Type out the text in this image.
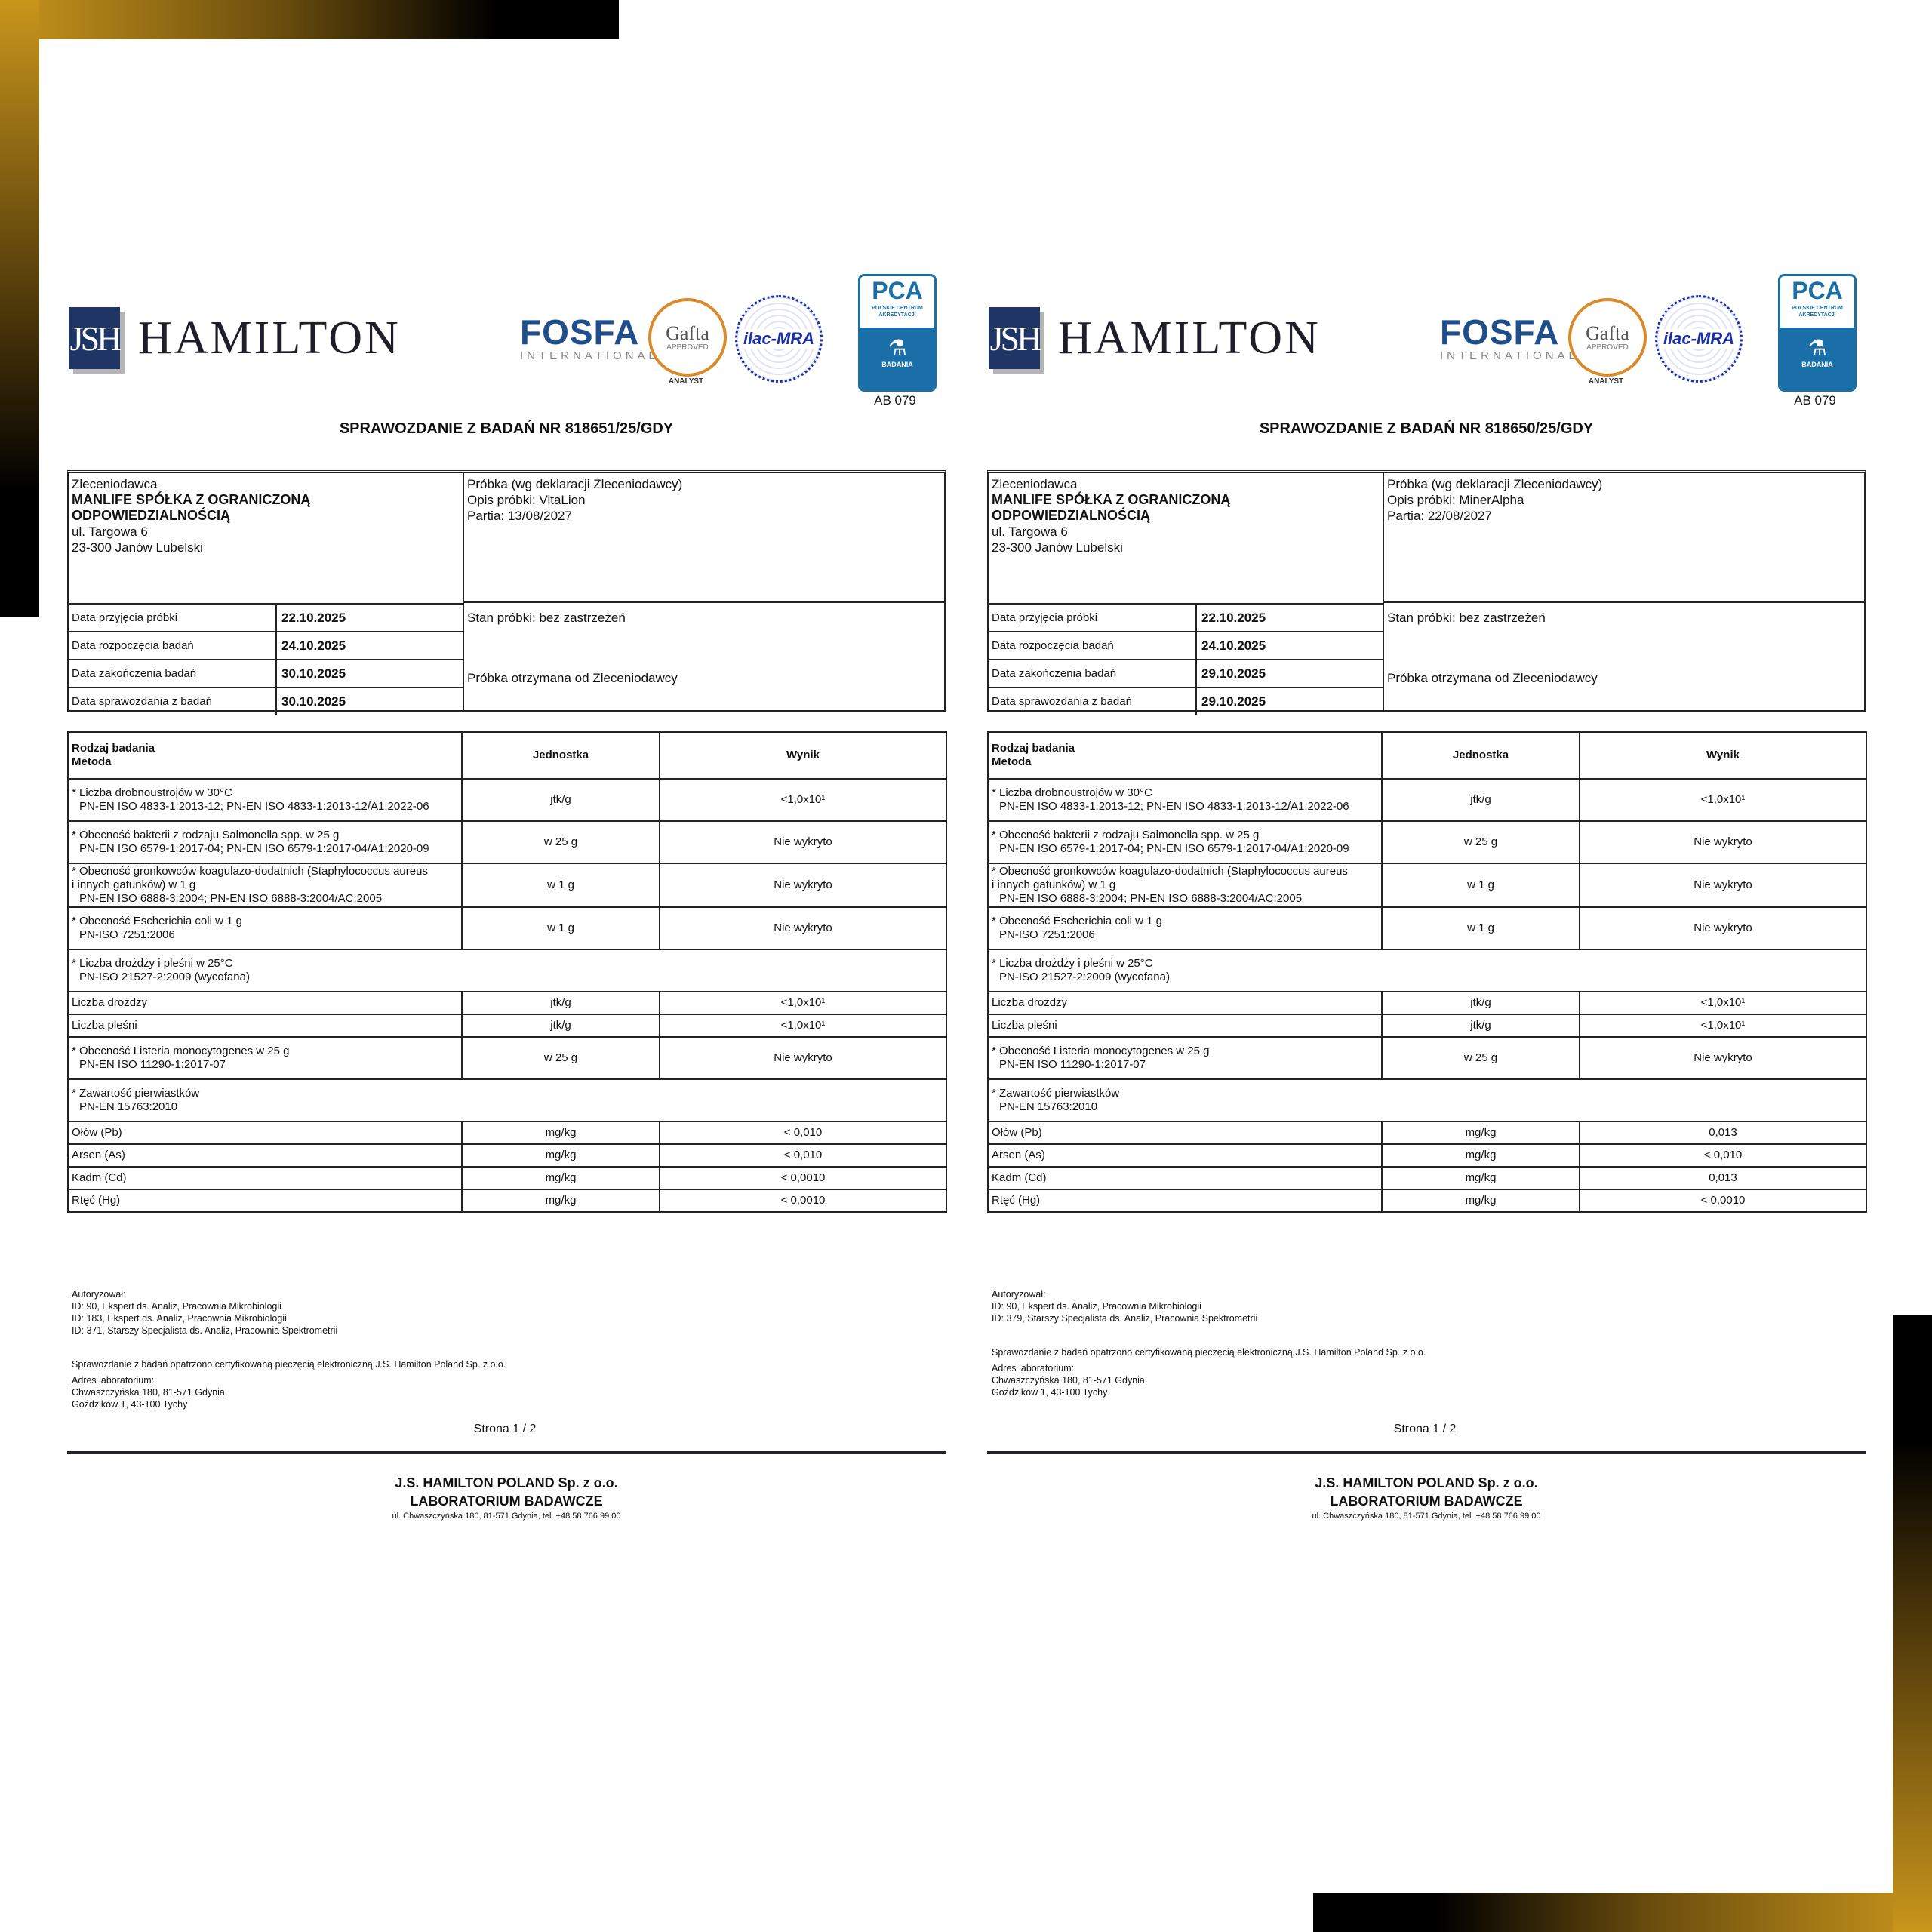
JSH HAMILTON	FOSFA
INTERNATIONAL
Gafta
APPROVED
ANALYST
ilac-MRA
PCA
POLSKIE CENTRUM
AKREDYTACJI
⚗
BADANIA
AB 079
SPRAWOZDANIE Z BADAŃ NR 818651/25/GDY
Zleceniodawca
MANLIFE SPÓŁKA Z OGRANICZONĄ
ODPOWIEDZIALNOŚCIĄ
ul. Targowa 6
23-300 Janów Lubelski
Próbka (wg deklaracji Zleceniodawcy)
Opis próbki: VitaLion
Partia: 13/08/2027
Data przyjęcia próbki	22.10.2025
Data rozpoczęcia badań	24.10.2025
Data zakończenia badań	30.10.2025
Data sprawozdania z badań	30.10.2025
Stan próbki: bez zastrzeżeń
Próbka otrzymana od Zleceniodawcy
Rodzaj badania
Metoda	Jednostka	Wynik
* Liczba drobnoustrojów w 30°C
PN-EN ISO 4833-1:2013-12; PN-EN ISO 4833-1:2013-12/A1:2022-06	jtk/g	<1,0x10¹
* Obecność bakterii z rodzaju Salmonella spp. w 25 g
PN-EN ISO 6579-1:2017-04; PN-EN ISO 6579-1:2017-04/A1:2020-09	w 25 g	Nie wykryto
* Obecność gronkowców koagulazo-dodatnich (Staphylococcus aureus
i innych gatunków) w 1 g
PN-EN ISO 6888-3:2004; PN-EN ISO 6888-3:2004/AC:2005	w 1 g	Nie wykryto
* Obecność Escherichia coli w 1 g
PN-ISO 7251:2006	w 1 g	Nie wykryto
* Liczba drożdży i pleśni w 25°C
PN-ISO 21527-2:2009 (wycofana)		

Liczba drożdży	jtk/g	<1,0x10¹
Liczba pleśni	jtk/g	<1,0x10¹
* Obecność Listeria monocytogenes w 25 g
PN-EN ISO 11290-1:2017-07	w 25 g	Nie wykryto
* Zawartość pierwiastków
PN-EN 15763:2010		

Ołów (Pb)	mg/kg	< 0,010
Arsen (As)	mg/kg	< 0,010
Kadm (Cd)	mg/kg	< 0,0010
Rtęć (Hg)	mg/kg	< 0,0010
Autoryzował:
ID: 90, Ekspert ds. Analiz, Pracownia Mikrobiologii
ID: 183, Ekspert ds. Analiz, Pracownia Mikrobiologii
ID: 371, Starszy Specjalista ds. Analiz, Pracownia Spektrometrii
Sprawozdanie z badań opatrzono certyfikowaną pieczęcią elektroniczną J.S. Hamilton Poland Sp. z o.o.
Adres laboratorium:
Chwaszczyńska 180, 81-571 Gdynia
Goździków 1, 43-100 Tychy
Strona 1 / 2
J.S. HAMILTON POLAND Sp. z o.o.
LABORATORIUM BADAWCZE
ul. Chwaszczyńska 180, 81-571 Gdynia, tel. +48 58 766 99 00
JSH HAMILTON	FOSFA
INTERNATIONAL
Gafta
APPROVED
ANALYST
ilac-MRA
PCA
POLSKIE CENTRUM
AKREDYTACJI
⚗
BADANIA
AB 079
SPRAWOZDANIE Z BADAŃ NR 818650/25/GDY
Zleceniodawca
MANLIFE SPÓŁKA Z OGRANICZONĄ
ODPOWIEDZIALNOŚCIĄ
ul. Targowa 6
23-300 Janów Lubelski
Próbka (wg deklaracji Zleceniodawcy)
Opis próbki: MinerAlpha
Partia: 22/08/2027
Data przyjęcia próbki	22.10.2025
Data rozpoczęcia badań	24.10.2025
Data zakończenia badań	29.10.2025
Data sprawozdania z badań	29.10.2025
Stan próbki: bez zastrzeżeń
Próbka otrzymana od Zleceniodawcy
Rodzaj badania
Metoda	Jednostka	Wynik
* Liczba drobnoustrojów w 30°C
PN-EN ISO 4833-1:2013-12; PN-EN ISO 4833-1:2013-12/A1:2022-06	jtk/g	<1,0x10¹
* Obecność bakterii z rodzaju Salmonella spp. w 25 g
PN-EN ISO 6579-1:2017-04; PN-EN ISO 6579-1:2017-04/A1:2020-09	w 25 g	Nie wykryto
* Obecność gronkowców koagulazo-dodatnich (Staphylococcus aureus
i innych gatunków) w 1 g
PN-EN ISO 6888-3:2004; PN-EN ISO 6888-3:2004/AC:2005	w 1 g	Nie wykryto
* Obecność Escherichia coli w 1 g
PN-ISO 7251:2006	w 1 g	Nie wykryto
* Liczba drożdży i pleśni w 25°C
PN-ISO 21527-2:2009 (wycofana)		

Liczba drożdży	jtk/g	<1,0x10¹
Liczba pleśni	jtk/g	<1,0x10¹
* Obecność Listeria monocytogenes w 25 g
PN-EN ISO 11290-1:2017-07	w 25 g	Nie wykryto
* Zawartość pierwiastków
PN-EN 15763:2010		

Ołów (Pb)	mg/kg	0,013
Arsen (As)	mg/kg	< 0,010
Kadm (Cd)	mg/kg	0,013
Rtęć (Hg)	mg/kg	< 0,0010
Autoryzował:
ID: 90, Ekspert ds. Analiz, Pracownia Mikrobiologii
ID: 379, Starszy Specjalista ds. Analiz, Pracownia Spektrometrii
Sprawozdanie z badań opatrzono certyfikowaną pieczęcią elektroniczną J.S. Hamilton Poland Sp. z o.o.
Adres laboratorium:
Chwaszczyńska 180, 81-571 Gdynia
Goździków 1, 43-100 Tychy
Strona 1 / 2
J.S. HAMILTON POLAND Sp. z o.o.
LABORATORIUM BADAWCZE
ul. Chwaszczyńska 180, 81-571 Gdynia, tel. +48 58 766 99 00
